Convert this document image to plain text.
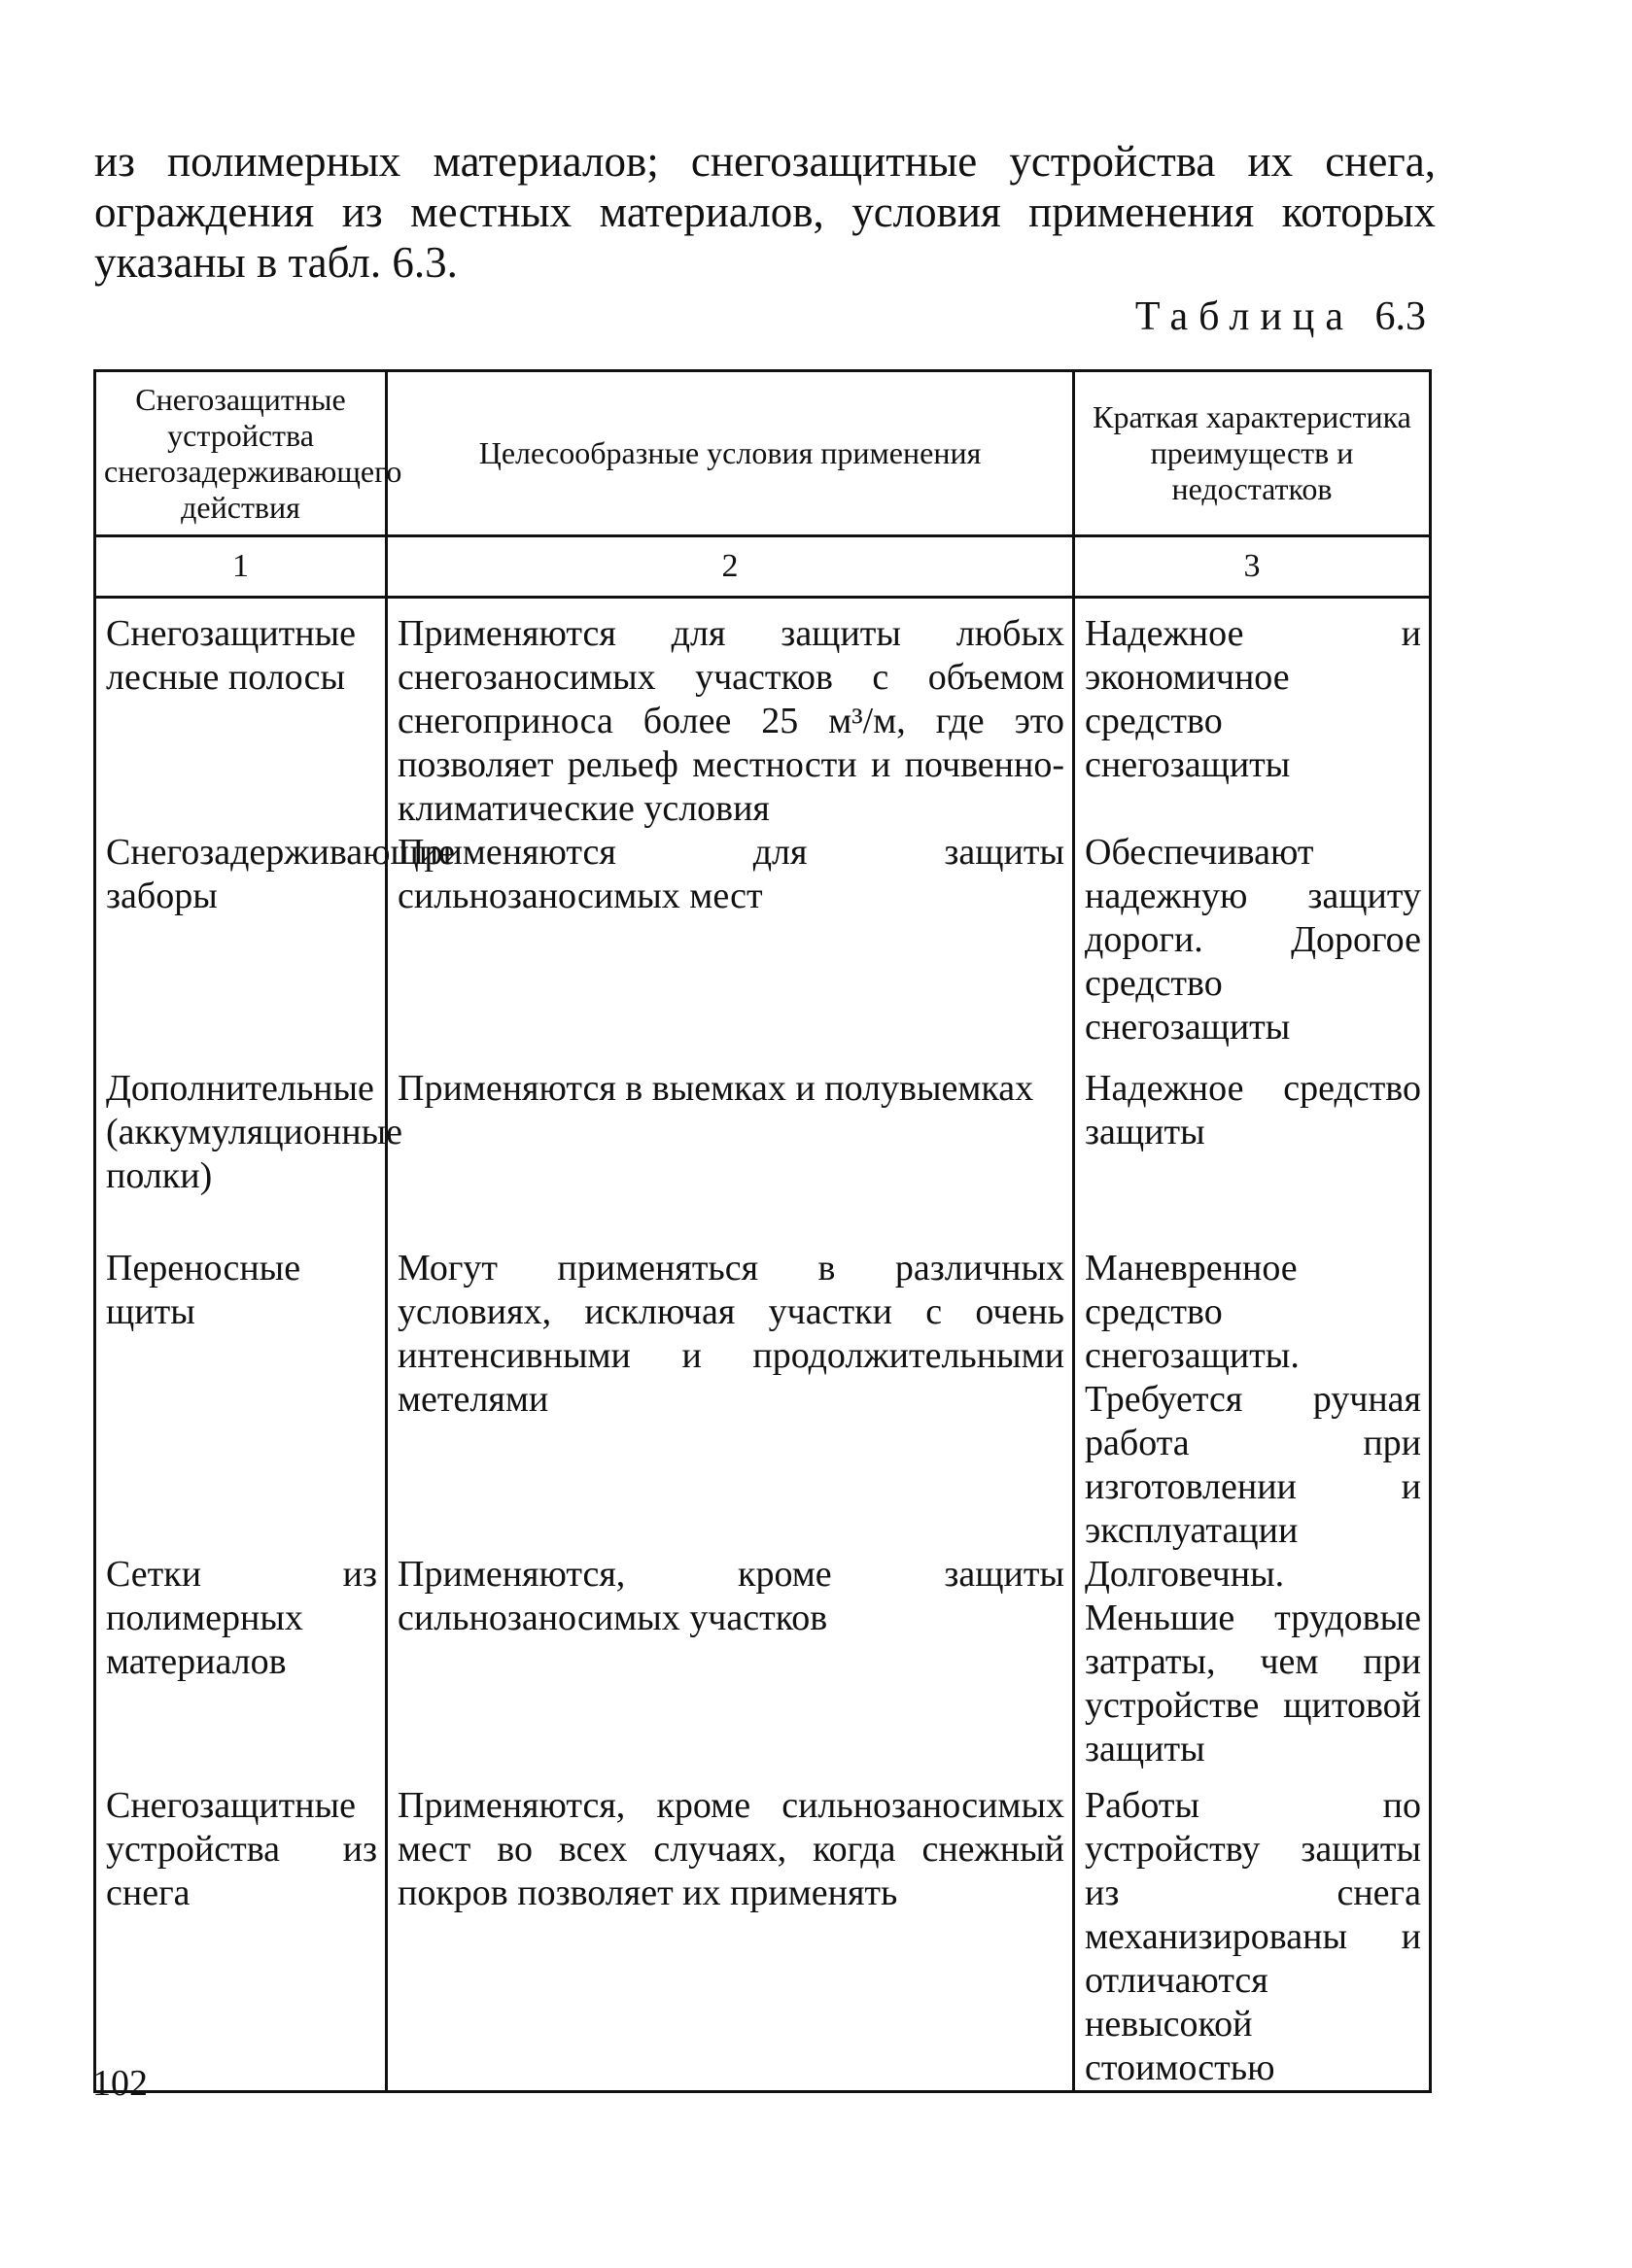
из полимерных материалов; снегозащитные устройства их снега,
ограждения из местных материалов, условия применения которых
указаны в табл. 6.3.
Таблица 6.3
Снегозащитные устройства снегозадерживающего действия	Целесообразные условия применения	Краткая характеристика преимуществ и недостатков
1	2	3

Снегозащитные лесные полосы	Применяются для защиты любых снегозаносимых участков с объемом снегоприноса более 25 м³/м, где это позволяет рельеф местности и почвенно-климатические условия	Надежное и экономичное средство снегозащиты

Снегозадерживающие заборы	Применяются для защиты сильнозаносимых мест	Обеспечивают надежную защиту дороги. Дорогое средство снегозащиты

Дополнительные (аккумуляционные полки)	Применяются в выемках и полувыемках	Надежное средство защиты

Переносные щиты	Могут применяться в различных условиях, исключая участки с очень интенсивными и продолжительными метелями	Маневренное средство снегозащиты. Требуется ручная работа при изготовлении и эксплуатации

Сетки из полимерных материалов	Применяются, кроме защиты сильнозаносимых участков	Долговечны. Меньшие трудовые затраты, чем при устройстве щитовой защиты

Снегозащитные устройства из снега	Применяются, кроме сильнозаносимых мест во всех случаях, когда снежный покров позволяет их применять	Работы по устройству защиты из снега механизированы и отличаются невысокой стоимостью
102
